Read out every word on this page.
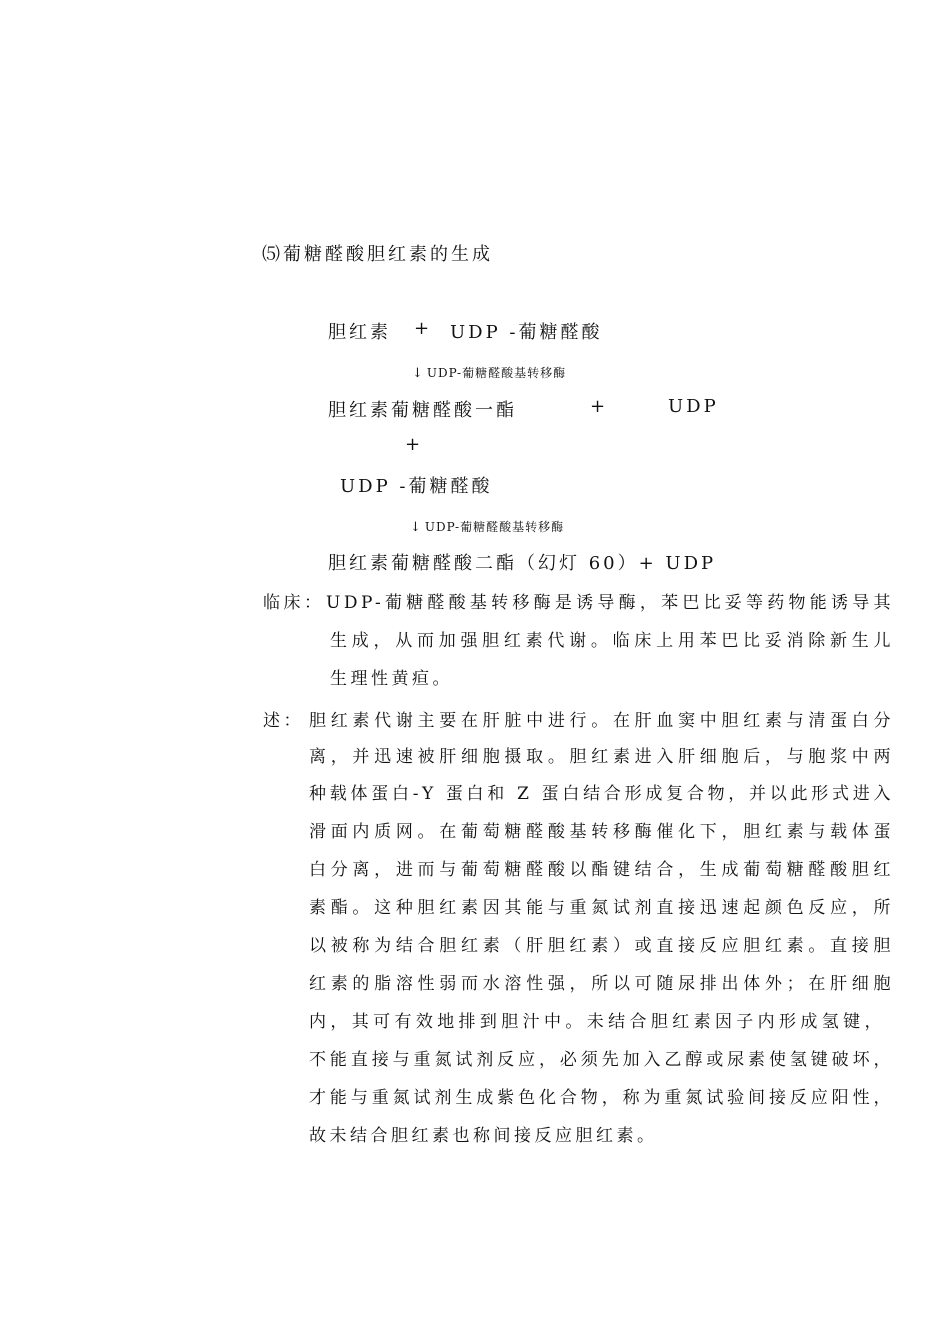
⑸葡糖醛酸胆红素的生成
胆红素 + UDP -葡糖醛酸
↓ UDP-葡糖醛酸基转移酶
胆红素葡糖醛酸一酯	+	UDP
+
UDP -葡糖醛酸
↓ UDP-葡糖醛酸基转移酶
胆红素葡糖醛酸二酯（幻灯 60）+ UDP
临床： UDP-葡糖醛酸基转移酶是诱导酶，苯巴比妥等药物能诱导其
生成，从而加强胆红素代谢。临床上用苯巴比妥消除新生儿
生理性黄疸。
述： 胆红素代谢主要在肝脏中进行。在肝血窦中胆红素与清蛋白分
离，并迅速被肝细胞摄取。胆红素进入肝细胞后，与胞浆中两
种载体蛋白-Y 蛋白和 Z 蛋白结合形成复合物，并以此形式进入
滑面内质网。在葡萄糖醛酸基转移酶催化下，胆红素与载体蛋
白分离，进而与葡萄糖醛酸以酯键结合，生成葡萄糖醛酸胆红
素酯。这种胆红素因其能与重氮试剂直接迅速起颜色反应，所
以被称为结合胆红素（肝胆红素）或直接反应胆红素。直接胆
红素的脂溶性弱而水溶性强，所以可随尿排出体外；在肝细胞
内，其可有效地排到胆汁中。未结合胆红素因子内形成氢键，
不能直接与重氮试剂反应，必须先加入乙醇或尿素使氢键破坏，
才能与重氮试剂生成紫色化合物，称为重氮试验间接反应阳性，
故未结合胆红素也称间接反应胆红素。
